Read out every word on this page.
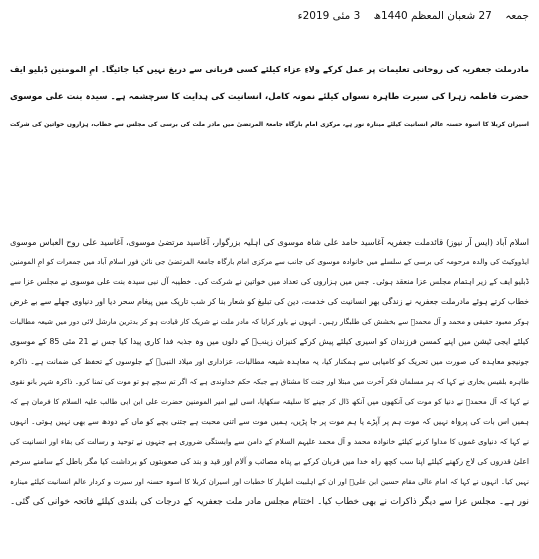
جمعہ 27 شعبان المعظم 1440ھ 3 مئی 2019ء

مادرملت جعفریہ کی روحانی تعلیمات پر عمل کرکے ولاءِ عزاء کیلئے کسی قربانی سے دریغ نہیں کیا جائیگا۔ امِ المومنین ڈبلیو ایف

حضرت فاطمہ زہرا کی سیرت طاہرہ نسواں کیلئے نمونہ کامل، انسانیت کی ہدایت کا سرچشمہ ہے۔ سیدہ بنت علی موسوی

اسیران کربلا کا اسوہ حسنہ عالم انسانیت کیلئے مینارہ نور ہے، مرکزی امام بارگاہ جامعۃ المرتضیٰ میں مادر ملت کی برسی کی مجلس سے خطاب، ہزاروں خواتین کی شرکت

اسلام آباد (ایس آر نیوز) قائدملت جعفریہ آغاسید حامد علی شاہ موسوی کی اہلیہ بزرگوار، آغاسید مرتضیٰ موسوی، آغاسید علی روح العباس موسوی

ایڈووکیٹ کی والدہ مرحومہ کی برسی کے سلسلے میں خانوادہ موسوی کی جانب سے مرکزی امام بارگاہ جامعۃ المرتضیٰ جی نائن فور اسلام آباد میں جمعرات کو امِ المومنین

ڈبلیو ایف کے زیر اہتمام مجلس عزا منعقد ہوئی۔ جس میں ہزاروں کی تعداد میں خواتین نے شرکت کی۔ خطیبہ آل نبی سیدہ بنت علی موسوی نے مجلس عزا سے

خطاب کرتے ہوئے مادرملت جعفریہ نے زندگی بھر انسانیت کی خدمت، دین کی تبلیغ کو شعار بنا کر شب تاریک میں پیغام سحر دیا اور دنیاوی جھلے سے بے غرض

ہوکر معبود حقیقی و محمد و آل محمدؐ سے بخشش کی طلبگار رہیں۔ انہوں نے باور کرایا کہ مادر ملت نے شریک کار قیادت ہو کر بدترین مارشل لائی دور میں شیعہ مطالبات

کیلئے ایجی ٹیشن میں اپنے کمسن فرزندان کو اسیری کیلئے پیش کرکے کنیزان زینبؑ کے دلوں میں وہ جذبہ فدا کاری پیدا کیا جس نے 21 مئی 85 کے موسوی

جونیجو معاہدہ کی صورت میں تحریک کو کامیابی سے ہمکنار کیا، یہ معاہدہ شیعہ مطالبات، عزاداری اور میلاد النبیؐ کے جلوسوں کے تحفظ کی ضمانت ہے۔ ذاکرہ

طاہرہ بلقیس بخاری نے کہا کہ ہر مسلمان فکر آخرت میں مبتلا اور جنت کا مشتاق ہے جبکہ حکم خداوندی ہے کہ اگر تم سچے ہو تو موت کی تمنا کرو۔ ذاکرہ شہر بانو نقوی

نے کہا کہ آل محمدؐ نے دنیا کو موت کی آنکھوں میں آنکھ ڈال کر جینے کا سلیقہ سکھایا، اسی لیے امیر المومنین حضرت علی ابن ابی طالب علیہ السلام کا فرمان ہے کہ

ہمیں اس بات کی پرواہ نہیں کہ موت ہم پر آپڑے یا ہم موت پر جا پڑیں، ہمیں موت سے اتنی محبت ہے جتنی بچے کو ماں کے دودھ سے بھی نہیں ہوتی۔ انہوں

نے کہا کہ دنیاوی غموں کا مداوا کرنے کیلئے خانوادہ محمد و آل محمد علیہم السلام کے دامن سے وابستگی ضروری ہے جنہوں نے توحید و رسالت کی بقاء اور انسانیت کی

اعلیٰ قدروں کی لاج رکھنے کیلئے اپنا سب کچھ راہ خدا میں قربان کرکے بے پناہ مصائب و آلام اور قید و بند کی صعوبتوں کو برداشت کیا مگر باطل کے سامنے سرخم

نہیں کیا۔ انہوں نے کہا کہ امام عالی مقام حسین ابن علیؑ اور ان کے اہلبیت اطہار کا خطبات اور اسیران کربلا کا اسوہ حسنہ اور سیرت و کردار عالم انسانیت کیلئے مینارہ

نور ہے۔ مجلس عزا سے دیگر ذاکرات نے بھی خطاب کیا۔ اختتام مجلس مادر ملت جعفریہ کے درجات کی بلندی کیلئے فاتحہ خوانی کی گئی۔
